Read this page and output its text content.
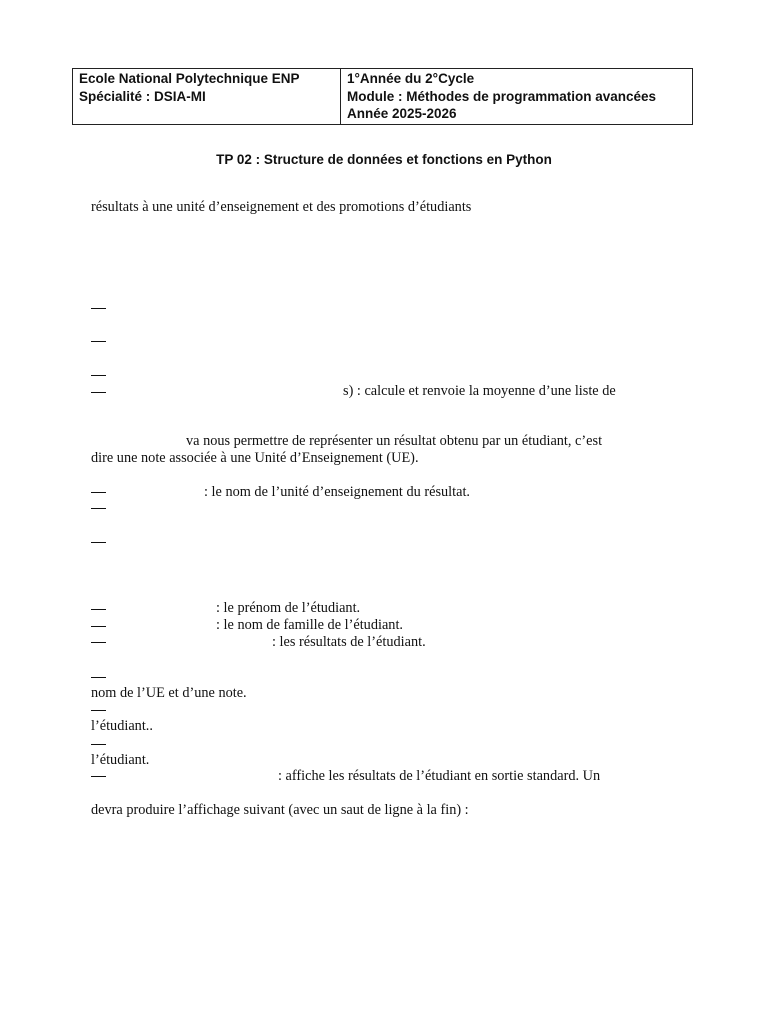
Ecole National Polytechnique ENP
Spécialité : DSIA-MI

1°Année du 2°Cycle
Module : Méthodes de programmation avancées
Année 2025-2026
TP 02 : Structure de données et fonctions en Python
résultats à une unité d’enseignement et des promotions d’étudiants
s) : calcule et renvoie la moyenne d’une liste de
va nous permettre de représenter un résultat obtenu par un étudiant, c’est
dire une note associée à une Unité d’Enseignement (UE).
: le nom de l’unité d’enseignement du résultat.
: le prénom de l’étudiant.
: le nom de famille de l’étudiant.
: les résultats de l’étudiant.
nom de l’UE et d’une note.
l’étudiant..
l’étudiant.
: affiche les résultats de l’étudiant en sortie standard. Un
devra produire l’affichage suivant (avec un saut de ligne à la fin) :
